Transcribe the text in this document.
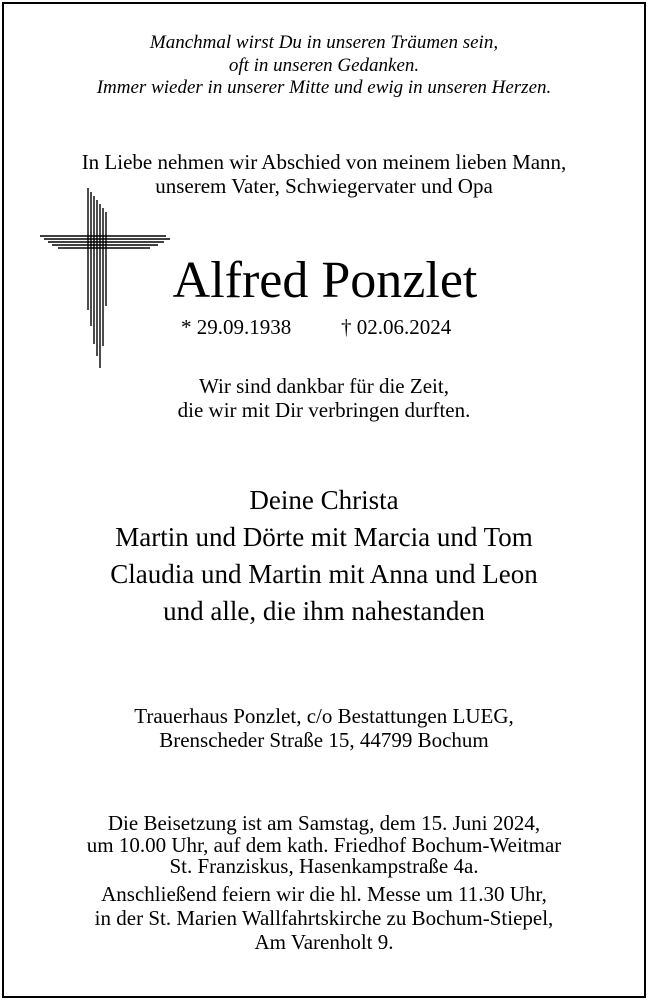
Manchmal wirst Du in unseren Träumen sein,
oft in unseren Gedanken.
Immer wieder in unserer Mitte und ewig in unseren Herzen.
In Liebe nehmen wir Abschied von meinem lieben Mann,
unserem Vater, Schwiegervater und Opa
Alfred Ponzlet
* 29.09.1938 † 02.06.2024
Wir sind dankbar für die Zeit,
die wir mit Dir verbringen durften.
Deine Christa
Martin und Dörte mit Marcia und Tom
Claudia und Martin mit Anna und Leon
und alle, die ihm nahestanden
Trauerhaus Ponzlet, c/o Bestattungen LUEG,
Brenscheder Straße 15, 44799 Bochum
Die Beisetzung ist am Samstag, dem 15. Juni 2024,
um 10.00 Uhr, auf dem kath. Friedhof Bochum-Weitmar
St. Franziskus, Hasenkampstraße 4a.
Anschließend feiern wir die hl. Messe um 11.30 Uhr,
in der St. Marien Wallfahrtskirche zu Bochum-Stiepel,
Am Varenholt 9.
